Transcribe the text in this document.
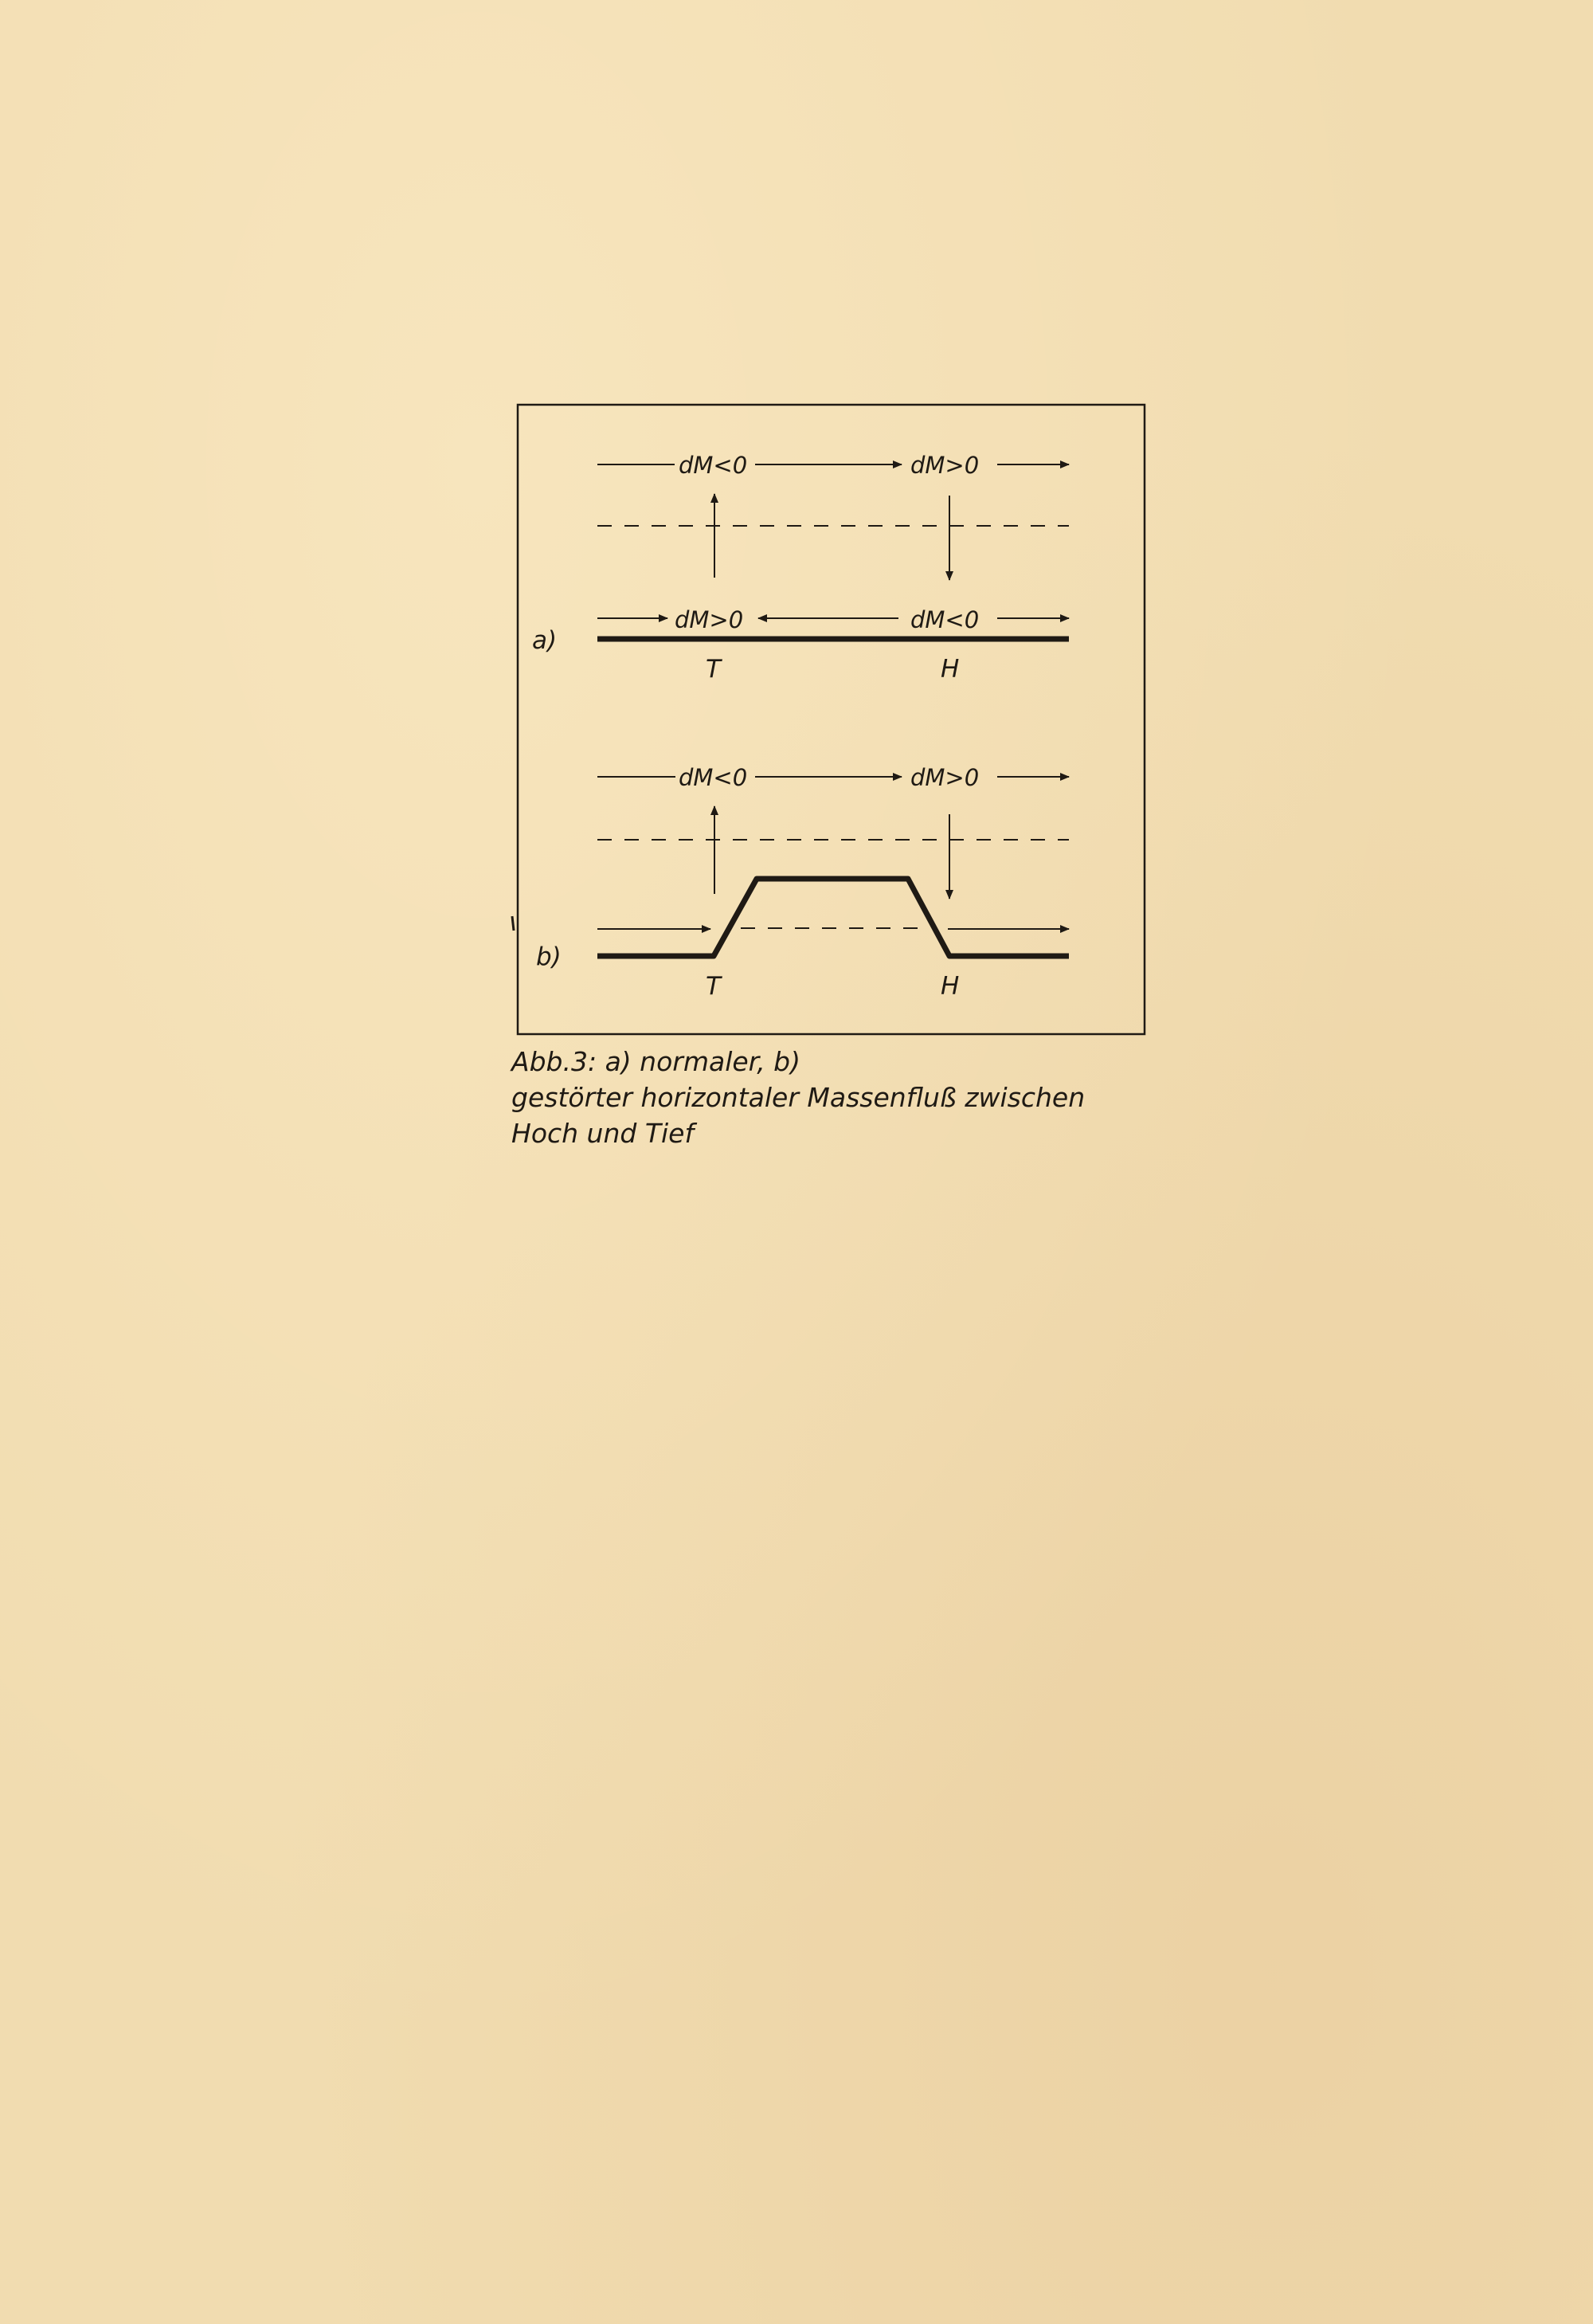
dM<0	dM>0
dM>0	dM<0
a)
T	H
dM<0	dM>0
b)
T	H

Abb.3: a) normaler, b)
gestörter horizontaler Massenfluß zwischen
Hoch und Tief
